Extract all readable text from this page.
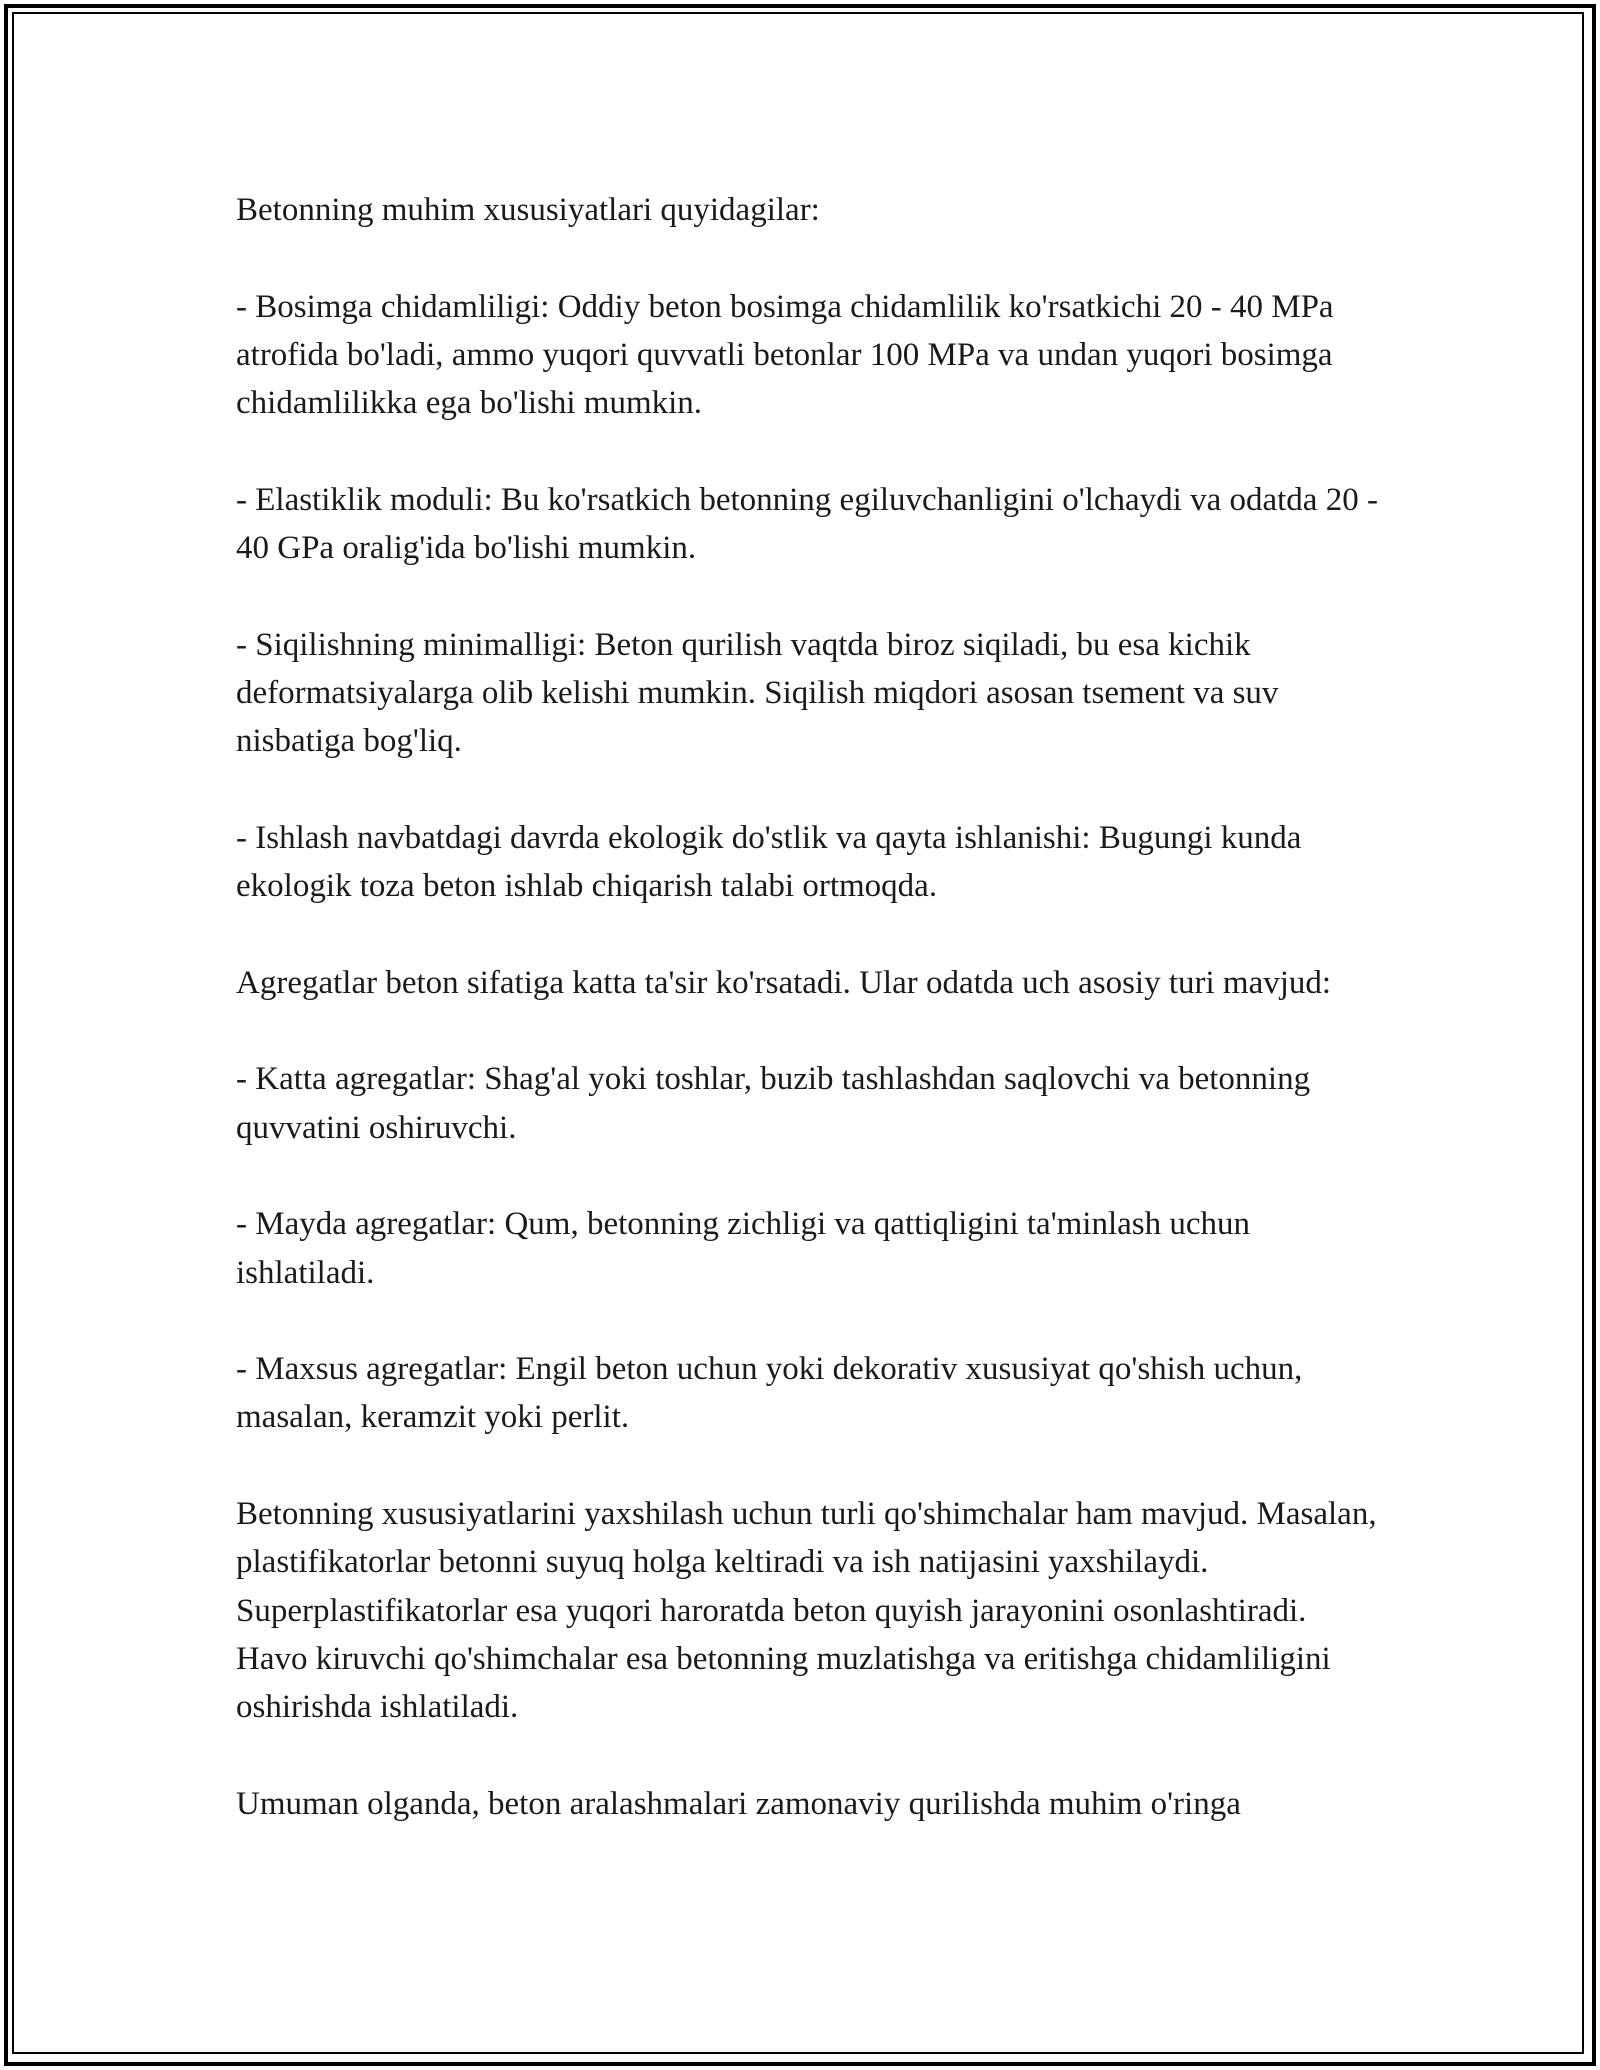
Betonning muhim xususiyatlari quyidagilar:

- Bosimga chidamliligi: Oddiy beton bosimga chidamlilik ko'rsatkichi 20 - 40 MPa atrofida bo'ladi, ammo yuqori quvvatli betonlar 100 MPa va undan yuqori bosimga chidamlilikka ega bo'lishi mumkin.

- Elastiklik moduli: Bu ko'rsatkich betonning egiluvchanligini o'lchaydi va odatda 20 - 40 GPa oralig'ida bo'lishi mumkin.

- Siqilishning minimalligi: Beton qurilish vaqtda biroz siqiladi, bu esa kichik deformatsiyalarga olib kelishi mumkin. Siqilish miqdori asosan tsement va suv nisbatiga bog'liq.

- Ishlash navbatdagi davrda ekologik do'stlik va qayta ishlanishi: Bugungi kunda ekologik toza beton ishlab chiqarish talabi ortmoqda.

Agregatlar beton sifatiga katta ta'sir ko'rsatadi. Ular odatda uch asosiy turi mavjud:

- Katta agregatlar: Shag'al yoki toshlar, buzib tashlashdan saqlovchi va betonning quvvatini oshiruvchi.

- Mayda agregatlar: Qum, betonning zichligi va qattiqligini ta'minlash uchun ishlatiladi.

- Maxsus agregatlar: Engil beton uchun yoki dekorativ xususiyat qo'shish uchun, masalan, keramzit yoki perlit.

Betonning xususiyatlarini yaxshilash uchun turli qo'shimchalar ham mavjud. Masalan, plastifikatorlar betonni suyuq holga keltiradi va ish natijasini yaxshilaydi. Superplastifikatorlar esa yuqori haroratda beton quyish jarayonini osonlashtiradi. Havo kiruvchi qo'shimchalar esa betonning muzlatishga va eritishga chidamliligini oshirishda ishlatiladi.

Umuman olganda, beton aralashmalari zamonaviy qurilishda muhim o'ringa
